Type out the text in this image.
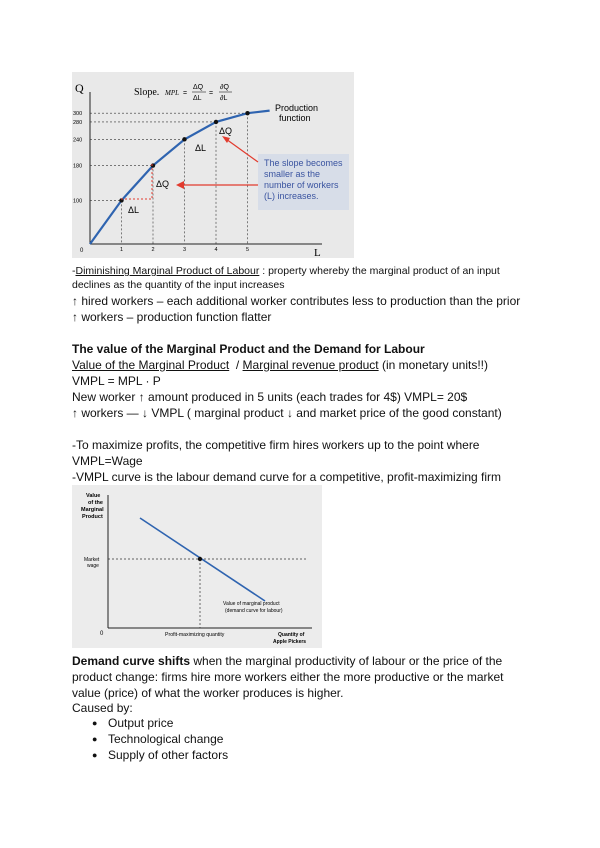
Q
L
0
Slope. MPL =
ΔQ
ΔL
=
∂Q
∂L
100
1
180
2
240
3
280
4
300
5
Production
function
ΔQ
ΔL
ΔQ
ΔL
The slope becomes
smaller as the
number of workers
(L) increases.
-Diminishing Marginal Product of Labour : property whereby the marginal product of an input
declines as the quantity of the input increases
↑ hired workers – each additional worker contributes less to production than the prior
↑ workers – production function flatter
The value of the Marginal Product and the Demand for Labour
Value of the Marginal Product  / Marginal revenue product (in monetary units!!)
VMPL = MPL · P
New worker ↑ amount produced in 5 units (each trades for 4$) VMPL= 20$
↑ workers — ↓ VMPL ( marginal product ↓ and market price of the good constant)
-To maximize profits, the competitive firm hires workers up to the point where
VMPL=Wage
-VMPL curve is the labour demand curve for a competitive, profit-maximizing firm
Value
of the
Marginal
Product
Market
wage
Value of marginal product
(demand curve for labour)
0	Profit-maximizing quantity	Quantity of
Apple Pickers
Demand curve shifts when the marginal productivity of labour or the price of the
product change: firms hire more workers either the more productive or the market
value (price) of what the worker produces is higher.
Caused by:
● Output price
● Technological change
● Supply of other factors
